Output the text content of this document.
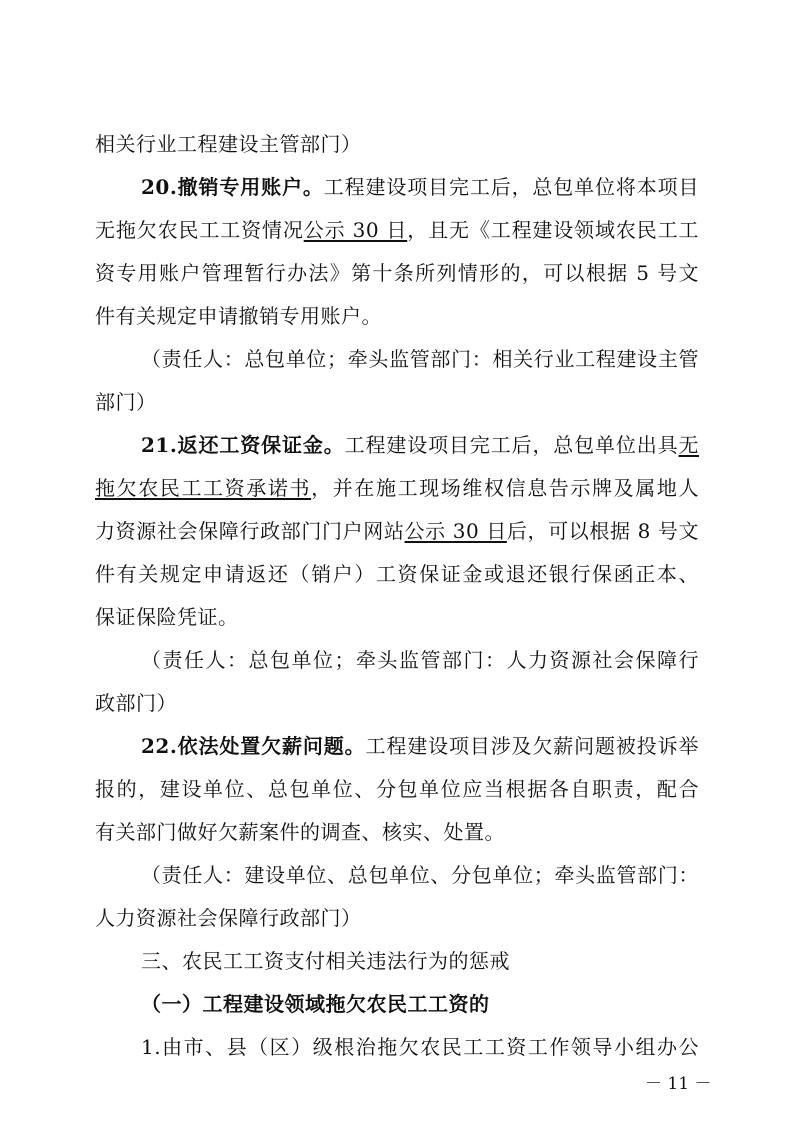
相关行业工程建设主管部门）
20.撤销专用账户。工程建设项目完工后，总包单位将本项目
无拖欠农民工工资情况公示 30 日，且无《工程建设领域农民工工
资专用账户管理暂行办法》第十条所列情形的，可以根据 5 号文
件有关规定申请撤销专用账户。
（责任人：总包单位；牵头监管部门：相关行业工程建设主管
部门）
21.返还工资保证金。工程建设项目完工后，总包单位出具无
拖欠农民工工资承诺书，并在施工现场维权信息告示牌及属地人
力资源社会保障行政部门门户网站公示 30 日后，可以根据 8 号文
件有关规定申请返还（销户）工资保证金或退还银行保函正本、
保证保险凭证。
（责任人：总包单位；牵头监管部门：人力资源社会保障行
政部门）
22.依法处置欠薪问题。工程建设项目涉及欠薪问题被投诉举
报的，建设单位、总包单位、分包单位应当根据各自职责，配合
有关部门做好欠薪案件的调查、核实、处置。
（责任人：建设单位、总包单位、分包单位；牵头监管部门：
人力资源社会保障行政部门）
三、农民工工资支付相关违法行为的惩戒
（一）工程建设领域拖欠农民工工资的
1.由市、县（区）级根治拖欠农民工工资工作领导小组办公
－ 11 －
